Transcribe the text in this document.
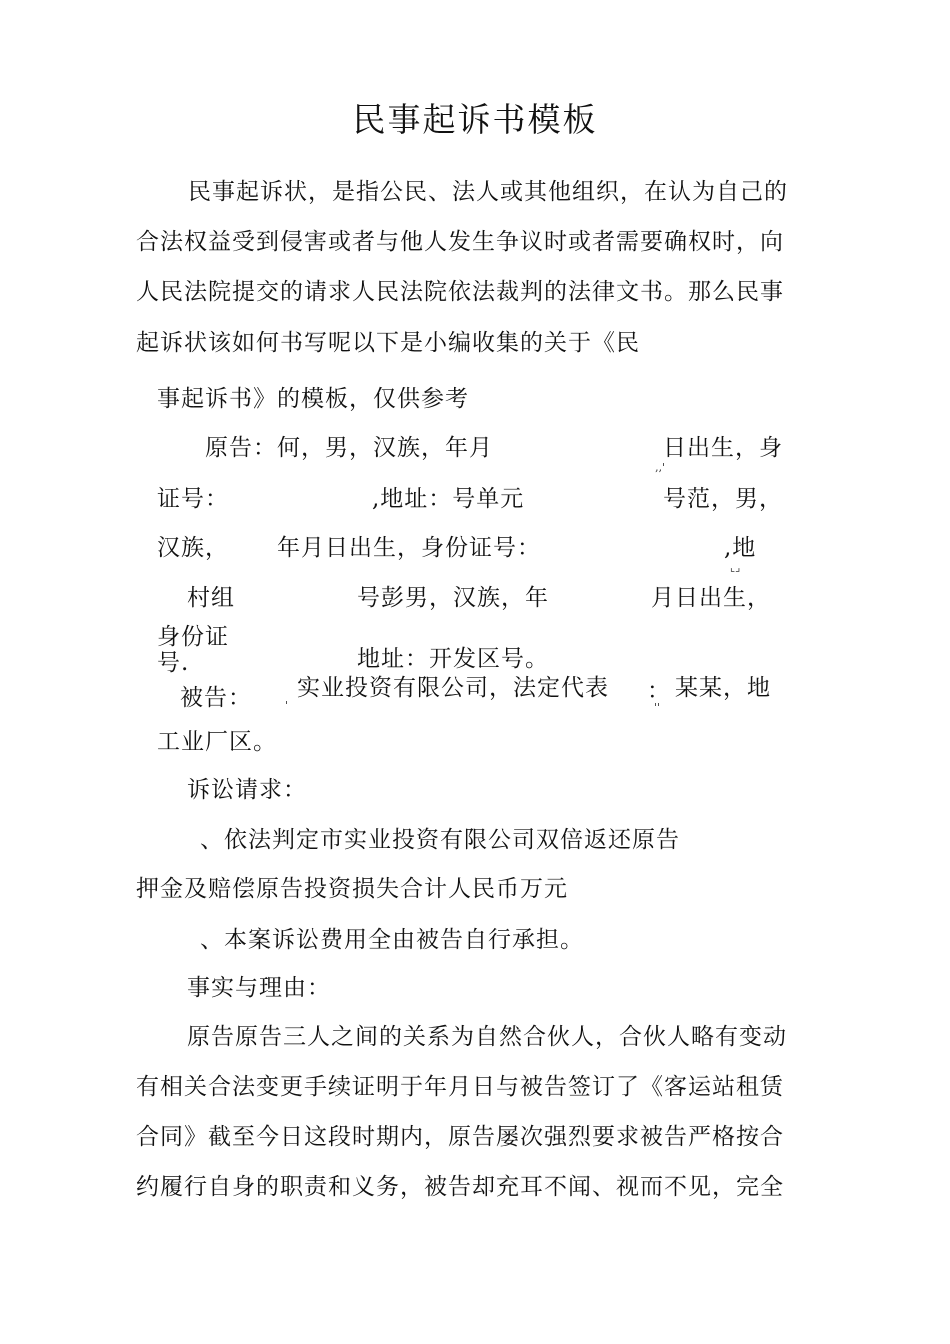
民事起诉书模板
民事起诉状，是指公民、法人或其他组织，在认为自己的
合法权益受到侵害或者与他人发生争议时或者需要确权时，向
人民法院提交的请求人民法院依法裁判的法律文书。那么民事
起诉状该如何书写呢以下是小编收集的关于《民
事起诉书》的模板，仅供参考
原告：何，男，汉族，年月	日出生，身
‚‚'
证号：	,地址：号单元	号范，男，
汉族， 年月日出生，身份证号：	,地
⌞⌟
村组	号彭男，汉族，年	月日出生，
身份证
号.	地址：开发区号。
被告：	'
实业投资有限公司，法定代表 ：
''
某某，地
工业厂区。
诉讼请求：
、依法判定市实业投资有限公司双倍返还原告
押金及赔偿原告投资损失合计人民币万元
、本案诉讼费用全由被告自行承担。
事实与理由：
原告原告三人之间的关系为自然合伙人，合伙人略有变动
有相关合法变更手续证明于年月日与被告签订了《客运站租赁
合同》截至今日这段时期内，原告屡次强烈要求被告严格按合
约履行自身的职责和义务，被告却充耳不闻、视而不见，完全
